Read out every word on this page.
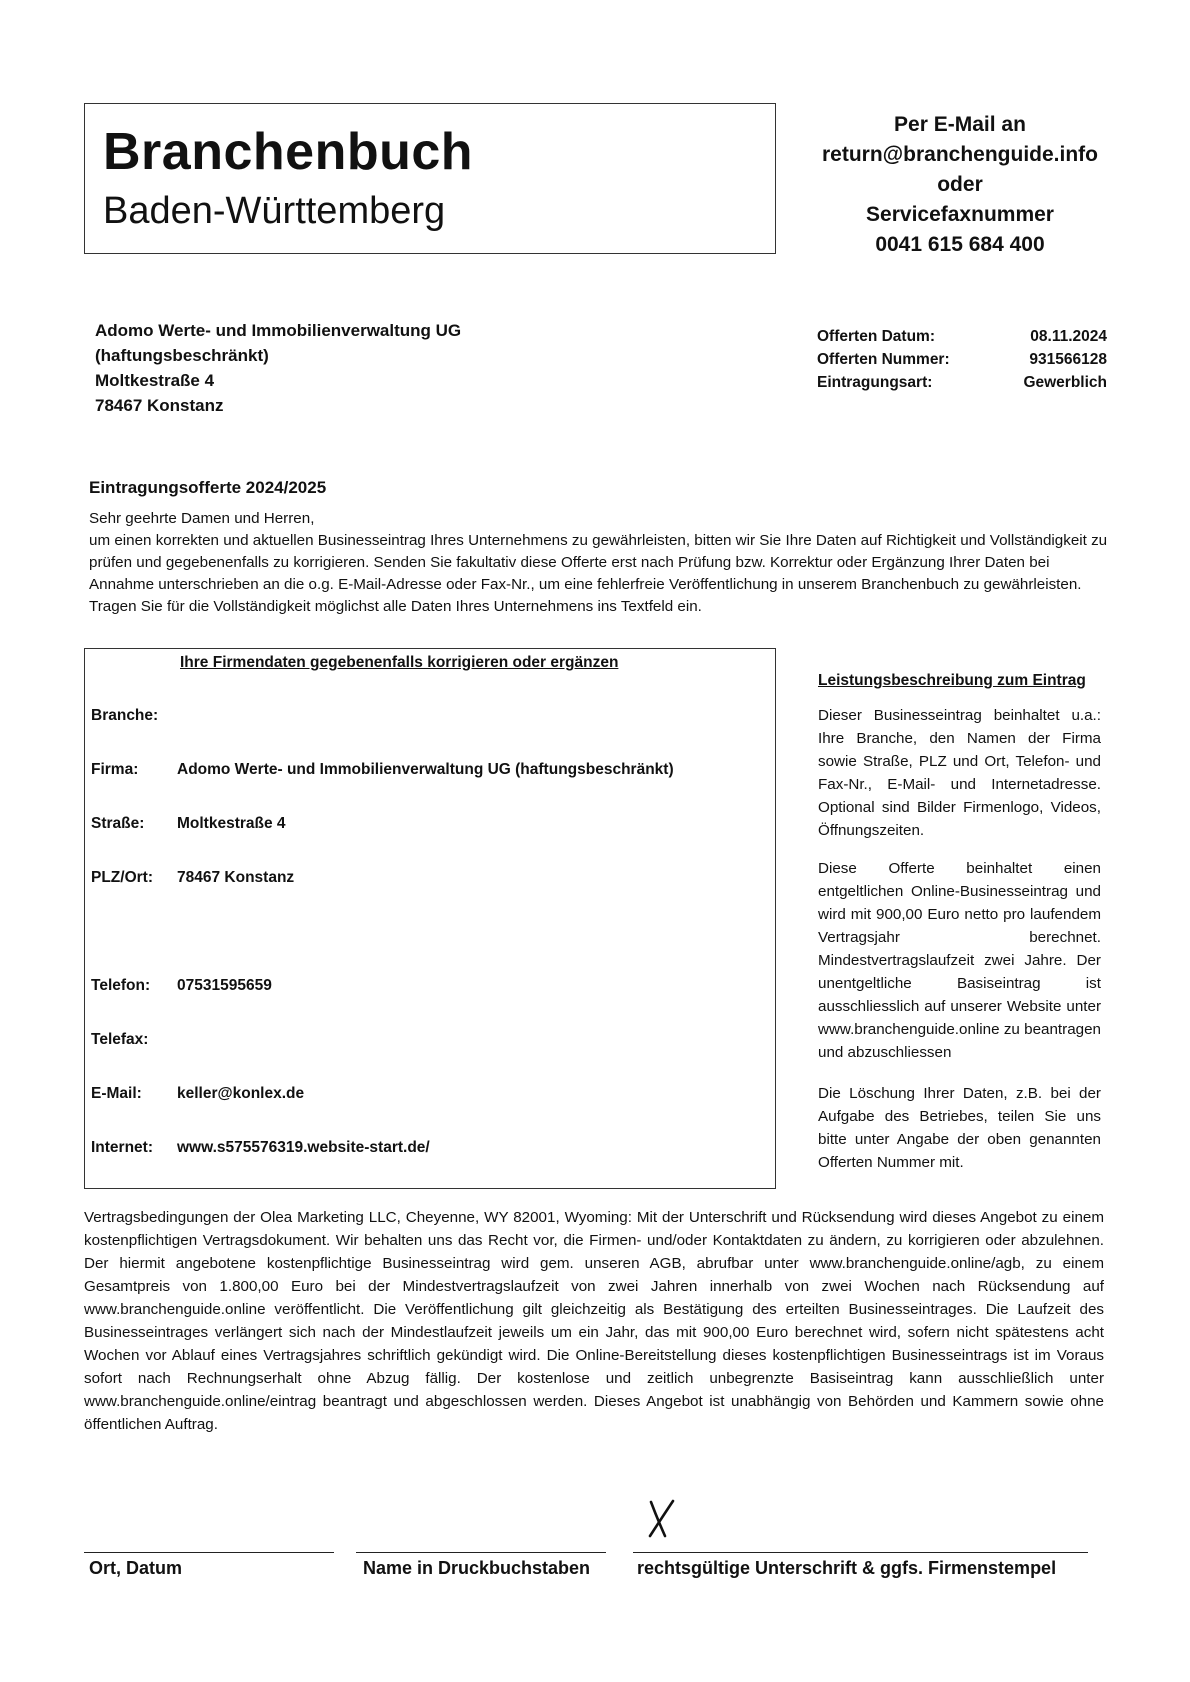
Branchenbuch
Baden-Württemberg
Per E-Mail an
return@branchenguide.info
oder
Servicefaxnummer
0041 615 684 400
Adomo Werte- und Immobilienverwaltung UG
(haftungsbeschränkt)
Moltkestraße 4
78467 Konstanz
Offerten Datum:	08.11.2024
Offerten Nummer:	931566128
Eintragungsart:	Gewerblich
Eintragungsofferte 2024/2025
Sehr geehrte Damen und Herren,
um einen korrekten und aktuellen Businesseintrag Ihres Unternehmens zu gewährleisten, bitten wir Sie Ihre Daten auf Richtigkeit und Vollständigkeit zu prüfen und gegebenenfalls zu korrigieren. Senden Sie fakultativ diese Offerte erst nach Prüfung bzw. Korrektur oder Ergänzung Ihrer Daten bei Annahme unterschrieben an die o.g. E-Mail-Adresse oder Fax-Nr., um eine fehlerfreie Veröffentlichung in unserem Branchenbuch zu gewährleisten. Tragen Sie für die Vollständigkeit möglichst alle Daten Ihres Unternehmens ins Textfeld ein.
Ihre Firmendaten gegebenenfalls korrigieren oder ergänzen
Branche:
Firma: Adomo Werte- und Immobilienverwaltung UG (haftungsbeschränkt)
Straße: Moltkestraße 4
PLZ/Ort: 78467 Konstanz
Telefon: 07531595659
Telefax:
E-Mail: keller@konlex.de
Internet: www.s575576319.website-start.de/
Leistungsbeschreibung zum Eintrag
Dieser Businesseintrag beinhaltet u.a.: Ihre Branche, den Namen der Firma sowie Straße, PLZ und Ort, Telefon- und Fax-Nr., E-Mail- und Internetadresse. Optional sind Bilder Firmenlogo, Videos, Öffnungszeiten.
Diese Offerte beinhaltet einen entgeltlichen Online-Businesseintrag und wird mit 900,00 Euro netto pro laufendem Vertragsjahr berechnet. Mindestvertragslaufzeit zwei Jahre. Der unentgeltliche Basiseintrag ist ausschliesslich auf unserer Website unter www.branchenguide.online zu beantragen und abzuschliessen
Die Löschung Ihrer Daten, z.B. bei der Aufgabe des Betriebes, teilen Sie uns bitte unter Angabe der oben genannten Offerten Nummer mit.
Vertragsbedingungen der Olea Marketing LLC, Cheyenne, WY 82001, Wyoming: Mit der Unterschrift und Rücksendung wird dieses Angebot zu einem kostenpflichtigen Vertragsdokument. Wir behalten uns das Recht vor, die Firmen- und/oder Kontaktdaten zu ändern, zu korrigieren oder abzulehnen. Der hiermit angebotene kostenpflichtige Businesseintrag wird gem. unseren AGB, abrufbar unter www.branchenguide.online/agb, zu einem Gesamtpreis von 1.800,00 Euro bei der Mindestvertragslaufzeit von zwei Jahren innerhalb von zwei Wochen nach Rücksendung auf www.branchenguide.online veröffentlicht. Die Veröffentlichung gilt gleichzeitig als Bestätigung des erteilten Businesseintrages. Die Laufzeit des Businesseintrages verlängert sich nach der Mindestlaufzeit jeweils um ein Jahr, das mit 900,00 Euro berechnet wird, sofern nicht spätestens acht Wochen vor Ablauf eines Vertragsjahres schriftlich gekündigt wird. Die Online-Bereitstellung dieses kostenpflichtigen Businesseintrags ist im Voraus sofort nach Rechnungserhalt ohne Abzug fällig. Der kostenlose und zeitlich unbegrenzte Basiseintrag kann ausschließlich unter www.branchenguide.online/eintrag beantragt und abgeschlossen werden. Dieses Angebot ist unabhängig von Behörden und Kammern sowie ohne öffentlichen Auftrag.
Ort, Datum	Name in Druckbuchstaben	rechtsgültige Unterschrift & ggfs. Firmenstempel
